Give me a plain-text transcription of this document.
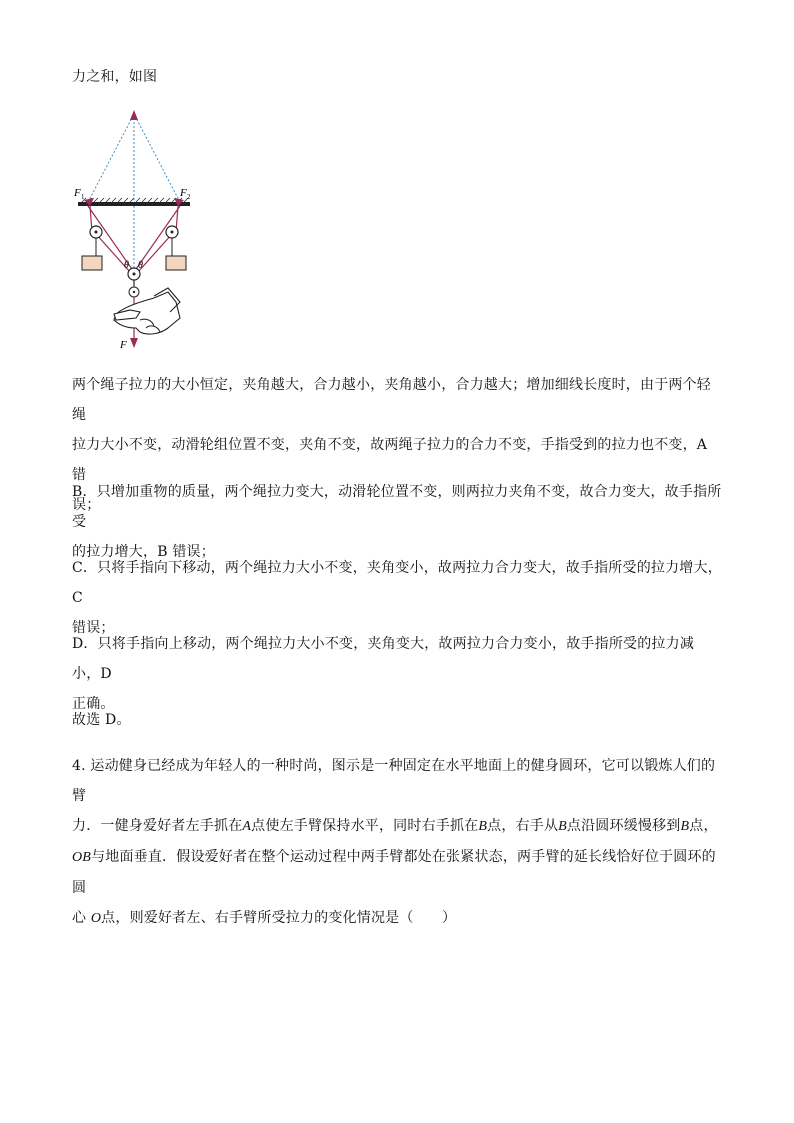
力之和，如图
F 1	F 2
θ θ
F
两个绳子拉力的大小恒定，夹角越大，合力越小，夹角越小，合力越大；增加细线长度时，由于两个轻绳
拉力大小不变，动滑轮组位置不变，夹角不变，故两绳子拉力的合力不变，手指受到的拉力也不变，A 错
误；
B．只增加重物的质量，两个绳拉力变大，动滑轮位置不变，则两拉力夹角不变，故合力变大，故手指所受
的拉力增大，B 错误；
C．只将手指向下移动，两个绳拉力大小不变，夹角变小，故两拉力合力变大，故手指所受的拉力增大，C
错误；
D．只将手指向上移动，两个绳拉力大小不变，夹角变大，故两拉力合力变小，故手指所受的拉力减小，D
正确。
故选 D。
4. 运动健身已经成为年轻人的一种时尚，图示是一种固定在水平地面上的健身圆环，它可以锻炼人们的臂
力．一健身爱好者左手抓在A点使左手臂保持水平，同时右手抓在B点，右手从B点沿圆环缓慢移到B点，
OB与地面垂直．假设爱好者在整个运动过程中两手臂都处在张紧状态，两手臂的延长线恰好位于圆环的圆
心 O点，则爱好者左、右手臂所受拉力的变化情况是（　　）
